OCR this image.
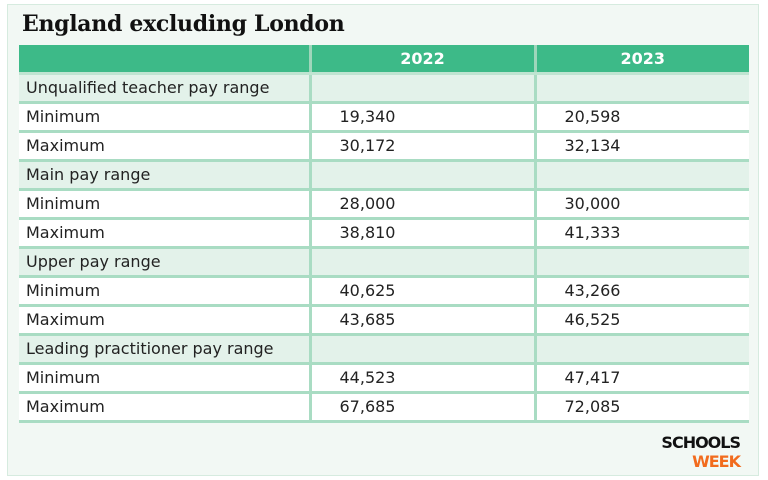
England excluding London
	2022	2023
Unqualified teacher pay range		
Minimum	19,340	20,598
Maximum	30,172	32,134
Main pay range		
Minimum	28,000	30,000
Maximum	38,810	41,333
Upper pay range		
Minimum	40,625	43,266
Maximum	43,685	46,525
Leading practitioner pay range		
Minimum	44,523	47,417
Maximum	67,685	72,085
SCHOOLS
WEEK
